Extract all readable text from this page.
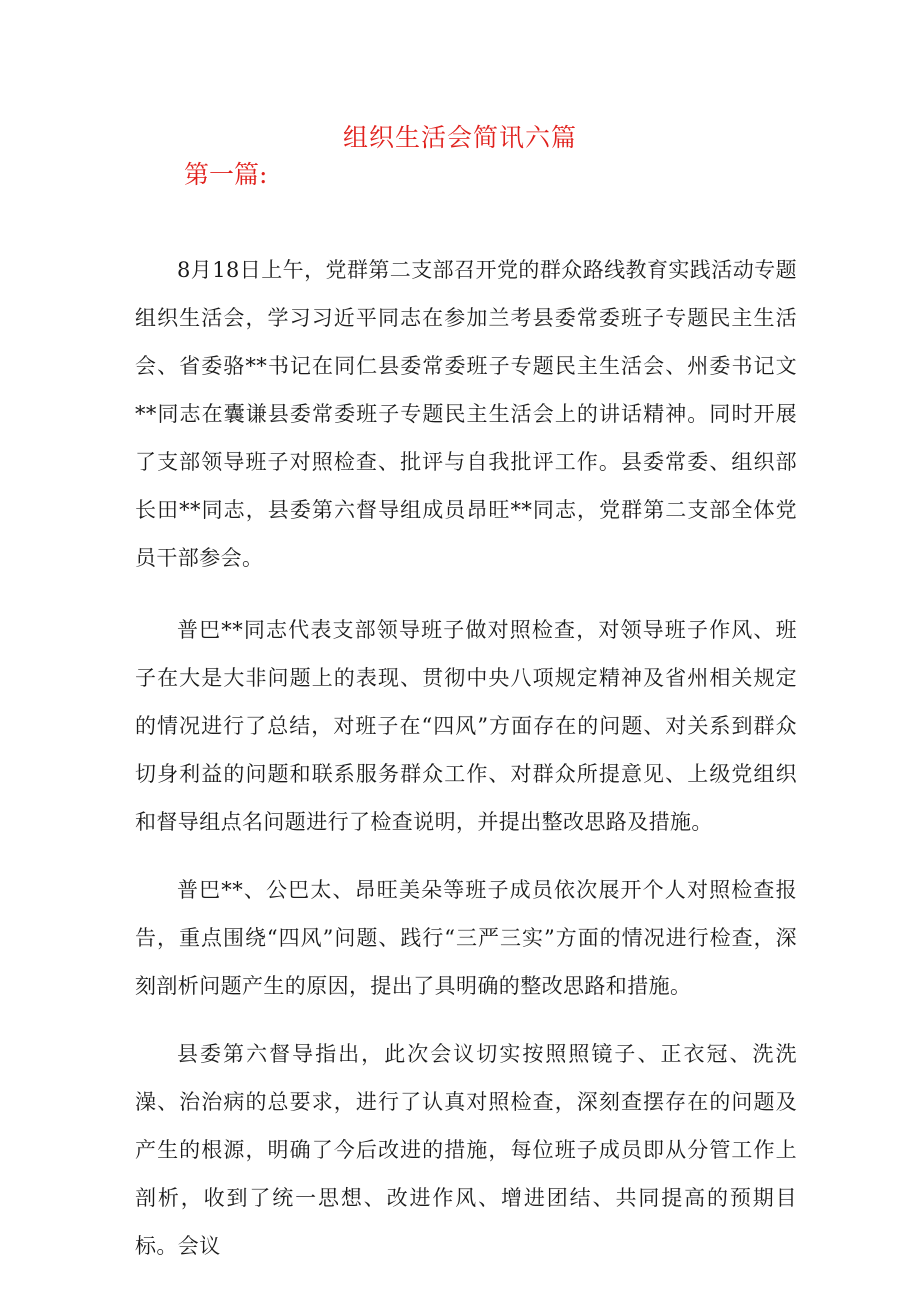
组织生活会简讯六篇
第一篇:

8月18日上午，党群第二支部召开党的群众路线教育实践活动专题组织生活会，学习习近平同志在参加兰考县委常委班子专题民主生活会、省委骆**书记在同仁县委常委班子专题民主生活会、州委书记文**同志在囊谦县委常委班子专题民主生活会上的讲话精神。同时开展了支部领导班子对照检查、批评与自我批评工作。县委常委、组织部长田**同志，县委第六督导组成员昂旺**同志，党群第二支部全体党员干部参会。

普巴**同志代表支部领导班子做对照检查，对领导班子作风、班子在大是大非问题上的表现、贯彻中央八项规定精神及省州相关规定的情况进行了总结，对班子在“四风”方面存在的问题、对关系到群众切身利益的问题和联系服务群众工作、对群众所提意见、上级党组织和督导组点名问题进行了检查说明，并提出整改思路及措施。

普巴**、公巴太、昂旺美朵等班子成员依次展开个人对照检查报告，重点围绕“四风”问题、践行“三严三实”方面的情况进行检查，深刻剖析问题产生的原因，提出了具明确的整改思路和措施。

县委第六督导指出，此次会议切实按照照镜子、正衣冠、洗洗澡、治治病的总要求，进行了认真对照检查，深刻查摆存在的问题及产生的根源，明确了今后改进的措施，每位班子成员即从分管工作上剖析，收到了统一思想、改进作风、增进团结、共同提高的预期目标。会议
